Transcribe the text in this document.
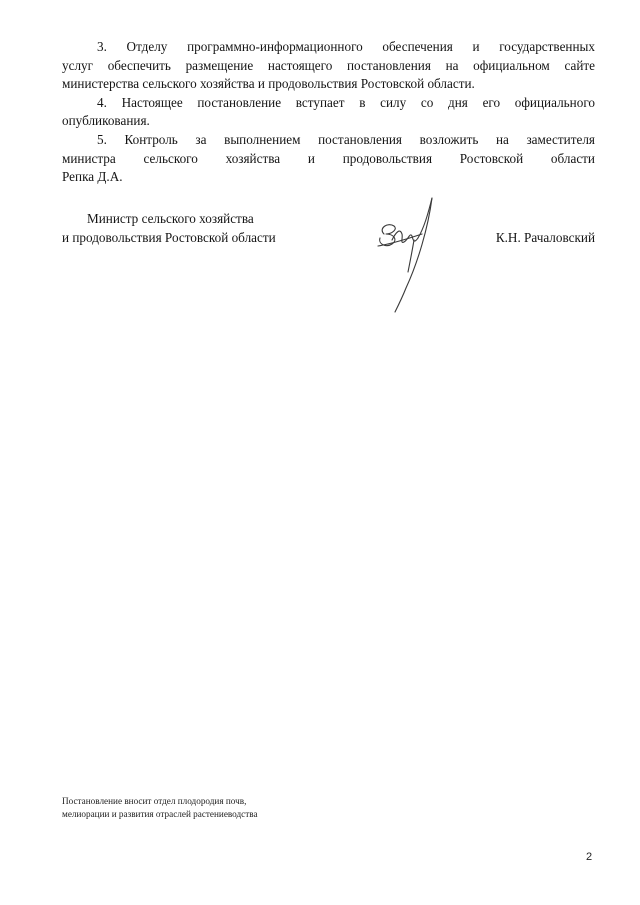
3. Отделу программно-информационного обеспечения и государственных
услуг обеспечить размещение настоящего постановления на официальном сайте
министерства сельского хозяйства и продовольствия Ростовской области.
4. Настоящее постановление вступает в силу со дня его официального
опубликования.
5. Контроль за выполнением постановления возложить на заместителя
министра сельского хозяйства и продовольствия Ростовской области
Репка Д.А.
Министр сельского хозяйства
и продовольствия Ростовской области	К.Н. Рачаловский
Постановление вносит отдел плодородия почв,
мелиорации и развития отраслей растениеводства
2
